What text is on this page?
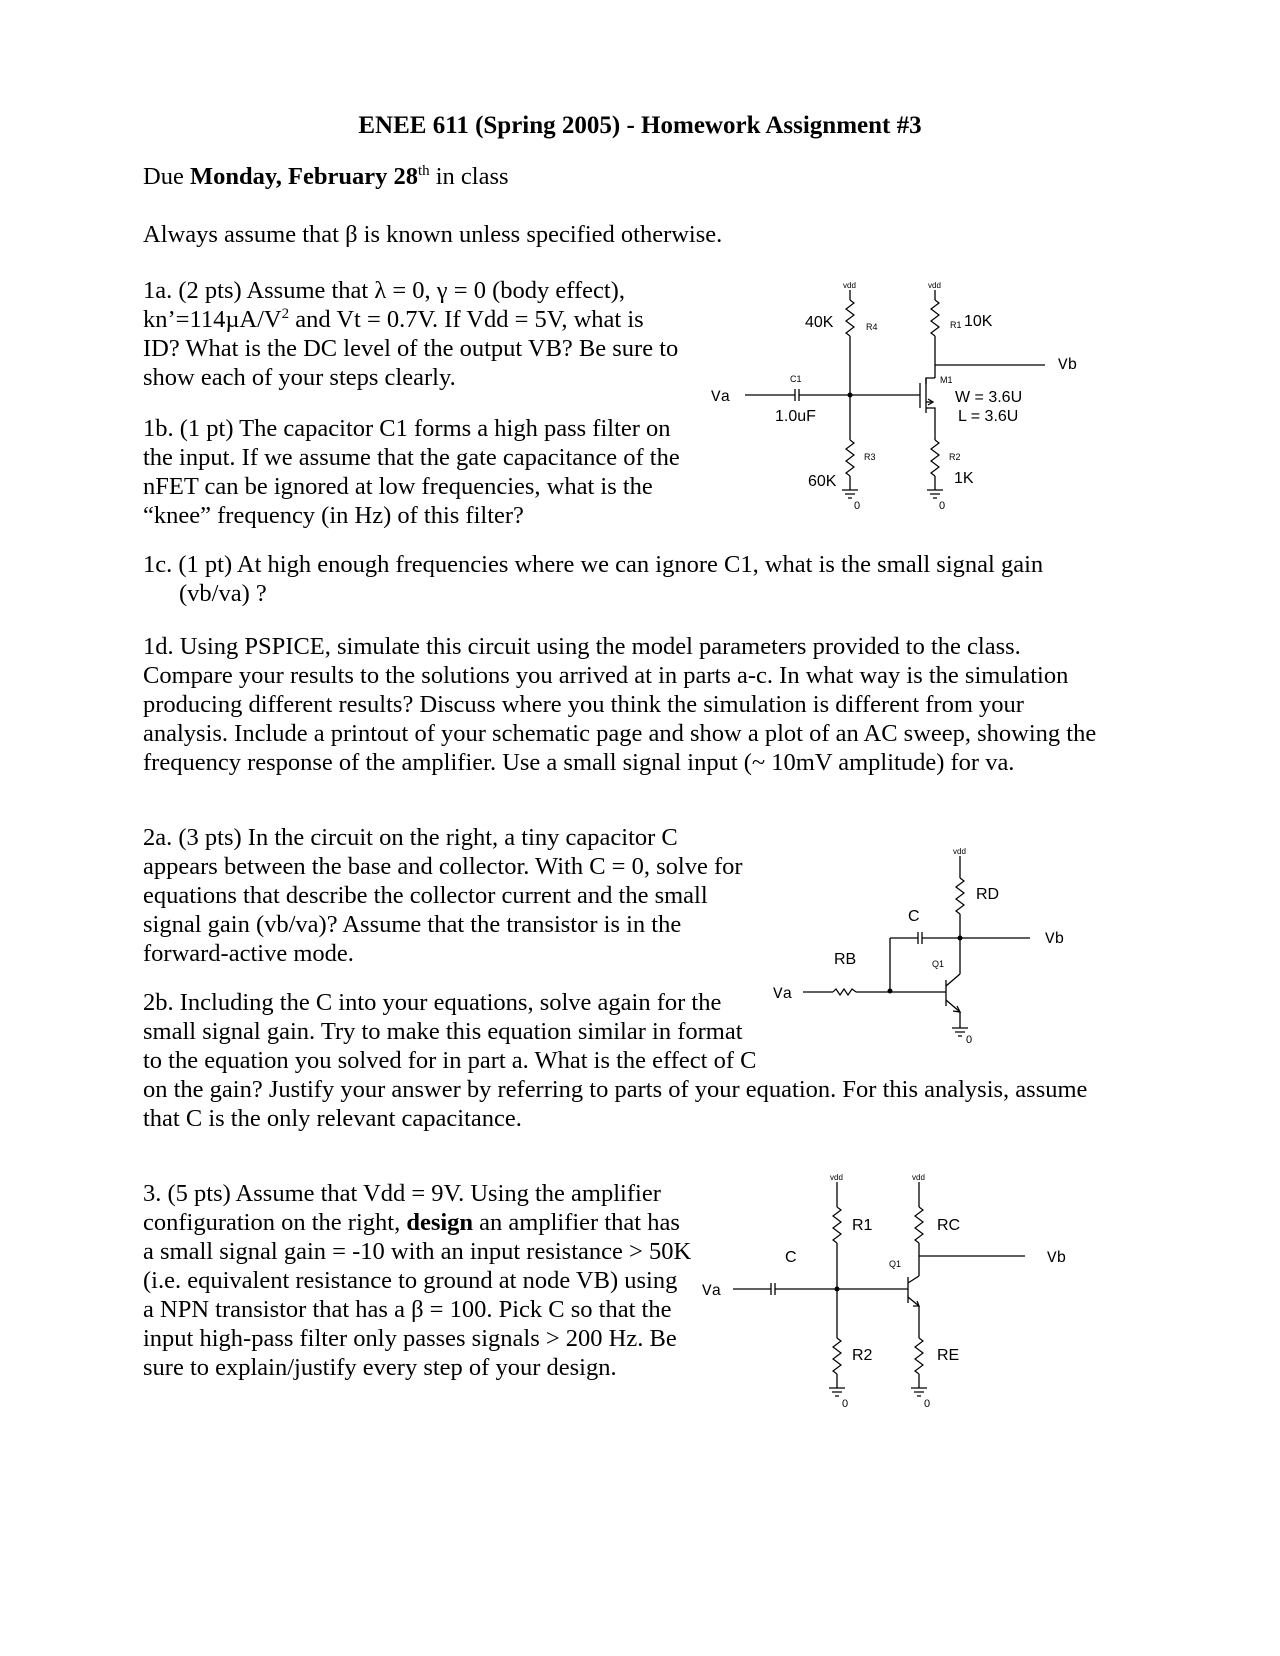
ENEE 611 (Spring 2005) - Homework Assignment #3
Due Monday, February 28th in class
Always assume that β is known unless specified otherwise.
1a. (2 pts) Assume that λ = 0, γ = 0 (body effect),
$kn’=114\mu A/V^2$ and Vt = 0.7V. If Vdd = 5V, what is
ID? What is the DC level of the output VB? Be sure to
show each of your steps clearly.
1b. (1 pt) The capacitor C1 forms a high pass filter on
the input. If we assume that the gate capacitance of the
nFET can be ignored at low frequencies, what is the
“knee” frequency (in Hz) of this filter?
1c. (1 pt) At high enough frequencies where we can ignore C1, what is the small signal gain
(vb/va) ?
1d. Using PSPICE, simulate this circuit using the model parameters provided to the class.
Compare your results to the solutions you arrived at in parts a-c. In what way is the simulation
producing different results? Discuss where you think the simulation is different from your
analysis. Include a printout of your schematic page and show a plot of an AC sweep, showing the
frequency response of the amplifier. Use a small signal input (~ 10mV amplitude) for va.
2a. (3 pts) In the circuit on the right, a tiny capacitor C
appears between the base and collector. With C = 0, solve for
equations that describe the collector current and the small
signal gain (vb/va)? Assume that the transistor is in the
forward-active mode.
2b. Including the C into your equations, solve again for the
small signal gain. Try to make this equation similar in format
to the equation you solved for in part a. What is the effect of C
on the gain? Justify your answer by referring to parts of your equation. For this analysis, assume
that C is the only relevant capacitance.
3. (5 pts) Assume that Vdd = 9V. Using the amplifier
configuration on the right, design an amplifier that has
a small signal gain = -10 with an input resistance > 50K
(i.e. equivalent resistance to ground at node VB) using
a NPN transistor that has a β = 100. Pick C so that the
input high-pass filter only passes signals > 200 Hz. Be
sure to explain/justify every step of your design.
vdd
40K	R4
Va
C1
1.0uF
R3
60K
0
M1
W = 3.6U
L = 3.6U
vdd
R1 10K
Vb
R2
1K
0
vdd
RD
Vb
C
Va
RB	Q1
0
vdd
R1
C
Va
R2
0
vdd
RC
Vb
Q1
RE
0
